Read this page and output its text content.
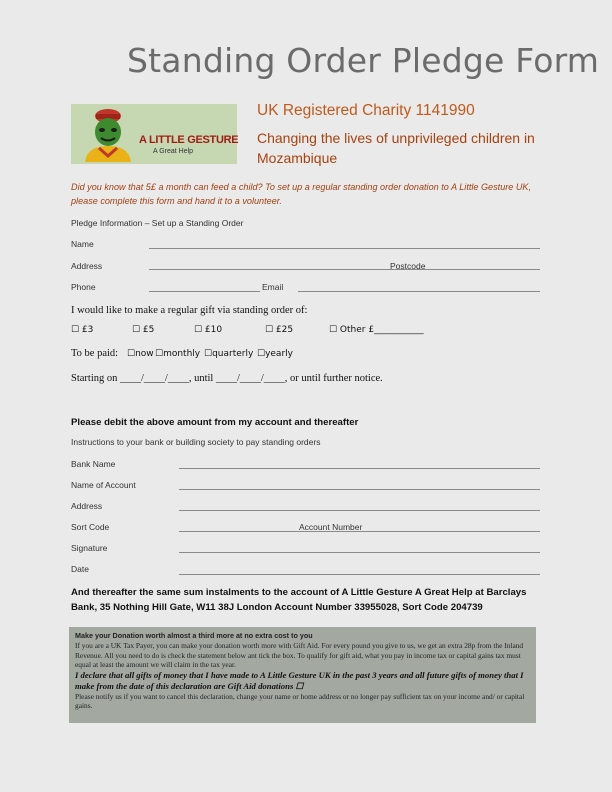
Standing Order Pledge Form
A LITTLE GESTURE
A Great Help
UK Registered Charity 1141990
Changing the lives of unprivileged children in Mozambique
Did you know that 5£ a month can feed a child? To set up a regular standing order donation to A Little Gesture UK, please complete this form and hand it to a volunteer.
Pledge Information – Set up a Standing Order
Name
Address	Postcode
Phone	Email
I would like to make a regular gift via standing order of:
☐ £3	☐ £5	☐ £10	☐ £25	☐ Other £___________
To be paid: ☐now ☐monthly ☐quarterly ☐yearly
Starting on ____/____/____, until ____/____/____, or until further notice.
Please debit the above amount from my account and thereafter
Instructions to your bank or building society to pay standing orders
Bank Name
Name of Account
Address
Sort Code	Account Number
Signature
Date
And thereafter the same sum instalments to the account of A Little Gesture A Great Help at Barclays Bank, 35 Nothing Hill Gate, W11 38J London Account Number 33955028, Sort Code 204739
Make your Donation worth almost a third more at no extra cost to you
If you are a UK Tax Payer, you can make your donation worth more with Gift Aid. For every pound you give to us, we get an extra 28p from the Inland Revenue. All you need to do is check the statement below ant tick the box. To qualify for gift aid, what you pay in income tax or capital gains tax must equal at least the amount we will claim in the tax year.
I declare that all gifts of money that I have made to A Little Gesture UK in the past 3 years and all future gifts of money that I make from the date of this declaration are Gift Aid donations ☐
Please notify us if you want to cancel this declaration, change your name or home address or no longer pay sufficient tax on your income and/ or capital gains.
